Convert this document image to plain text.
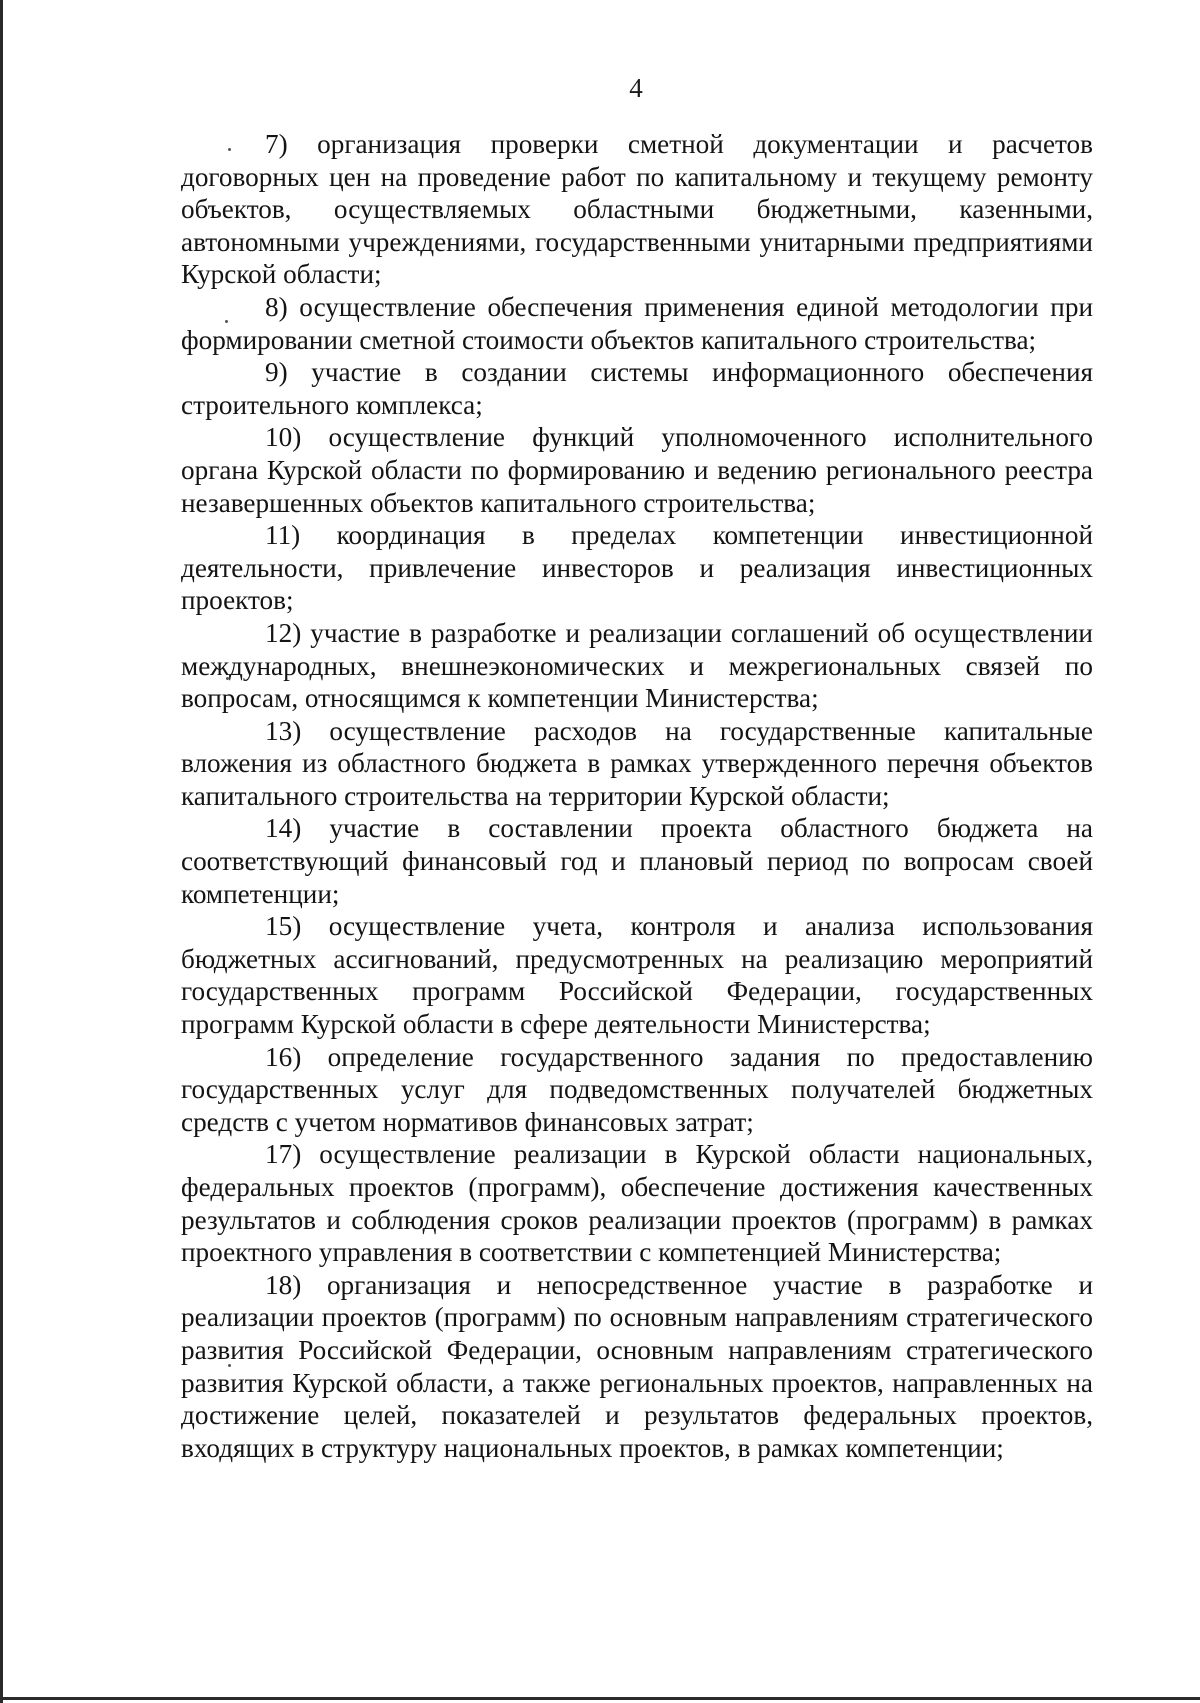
4

7) организация проверки сметной документации и расчетов договорных цен на проведение работ по капитальному и текущему ремонту объектов, осуществляемых областными бюджетными, казенными, автономными учреждениями, государственными унитарными предприятиями Курской области;

8) осуществление обеспечения применения единой методологии при формировании сметной стоимости объектов капитального строительства;

9) участие в создании системы информационного обеспечения строительного комплекса;

10) осуществление функций уполномоченного исполнительного органа Курской области по формированию и ведению регионального реестра незавершенных объектов капитального строительства;

11) координация в пределах компетенции инвестиционной деятельности, привлечение инвесторов и реализация инвестиционных проектов;

12) участие в разработке и реализации соглашений об осуществлении международных, внешнеэкономических и межрегиональных связей по вопросам, относящимся к компетенции Министерства;

13) осуществление расходов на государственные капитальные вложения из областного бюджета в рамках утвержденного перечня объектов капитального строительства на территории Курской области;

14) участие в составлении проекта областного бюджета на соответствующий финансовый год и плановый период по вопросам своей компетенции;

15) осуществление учета, контроля и анализа использования бюджетных ассигнований, предусмотренных на реализацию мероприятий государственных программ Российской Федерации, государственных программ Курской области в сфере деятельности Министерства;

16) определение государственного задания по предоставлению государственных услуг для подведомственных получателей бюджетных средств с учетом нормативов финансовых затрат;

17) осуществление реализации в Курской области национальных, федеральных проектов (программ), обеспечение достижения качественных результатов и соблюдения сроков реализации проектов (программ) в рамках проектного управления в соответствии с компетенцией Министерства;

18) организация и непосредственное участие в разработке и реализации проектов (программ) по основным направлениям стратегического развития Российской Федерации, основным направлениям стратегического развития Курской области, а также региональных проектов, направленных на достижение целей, показателей и результатов федеральных проектов, входящих в структуру национальных проектов, в рамках компетенции;
